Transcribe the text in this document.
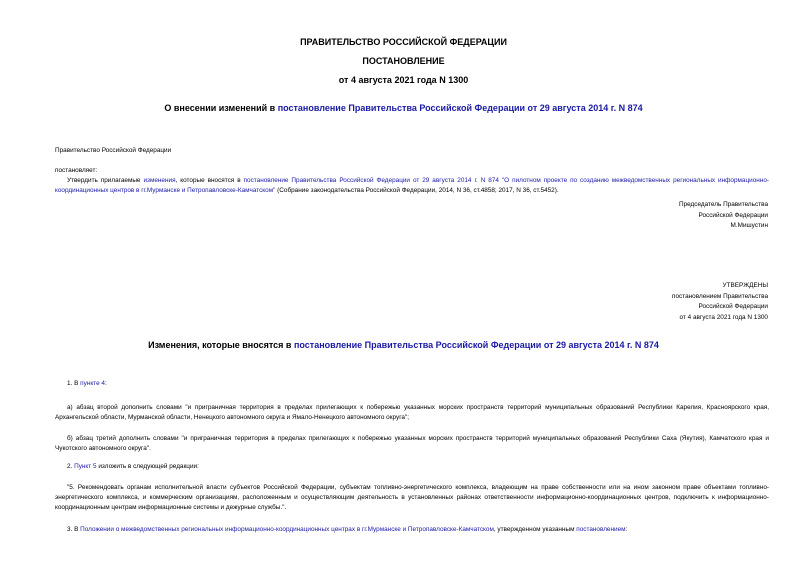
ПРАВИТЕЛЬСТВО РОССИЙСКОЙ ФЕДЕРАЦИИ
ПОСТАНОВЛЕНИЕ
от 4 августа 2021 года N 1300
О внесении изменений в постановление Правительства Российской Федерации от 29 августа 2014 г. N 874
Правительство Российской Федерации
постановляет:
Утвердить прилагаемые изменения, которые вносятся в постановление Правительства Российской Федерации от 29 августа 2014 г. N 874 "О пилотном проекте по созданию межведомственных региональных информационно-координационных центров в гг.Мурманске и Петропавловске-Камчатском" (Собрание законодательства Российской Федерации, 2014, N 36, ст.4858; 2017, N 36, ст.5452).
Председатель Правительства
Российской Федерации
М.Мишустин
УТВЕРЖДЕНЫ
постановлением Правительства
Российской Федерации
от 4 августа 2021 года N 1300
Изменения, которые вносятся в постановление Правительства Российской Федерации от 29 августа 2014 г. N 874
1. В пункте 4:
а) абзац второй дополнить словами "и приграничная территория в пределах прилегающих к побережью указанных морских пространств территорий муниципальных образований Республики Карелия, Красноярского края, Архангельской области, Мурманской области, Ненецкого автономного округа и Ямало-Ненецкого автономного округа";
б) абзац третий дополнить словами "и приграничная территория в пределах прилегающих к побережью указанных морских пространств территорий муниципальных образований Республики Саха (Якутия), Камчатского края и Чукотского автономного округа".
2. Пункт 5 изложить в следующей редакции:
"5. Рекомендовать органам исполнительной власти субъектов Российской Федерации, субъектам топливно-энергетического комплекса, владеющим на праве собственности или на ином законном праве объектами топливно-энергетического комплекса, и коммерческим организациям, расположенным и осуществляющим деятельность в установленных районах ответственности информационно-координационных центров, подключить к информационно-координационным центрам информационные системы и дежурные службы.".
3. В Положении о межведомственных региональных информационно-координационных центрах в гг.Мурманске и Петропавловске-Камчатском, утвержденном указанным постановлением:
